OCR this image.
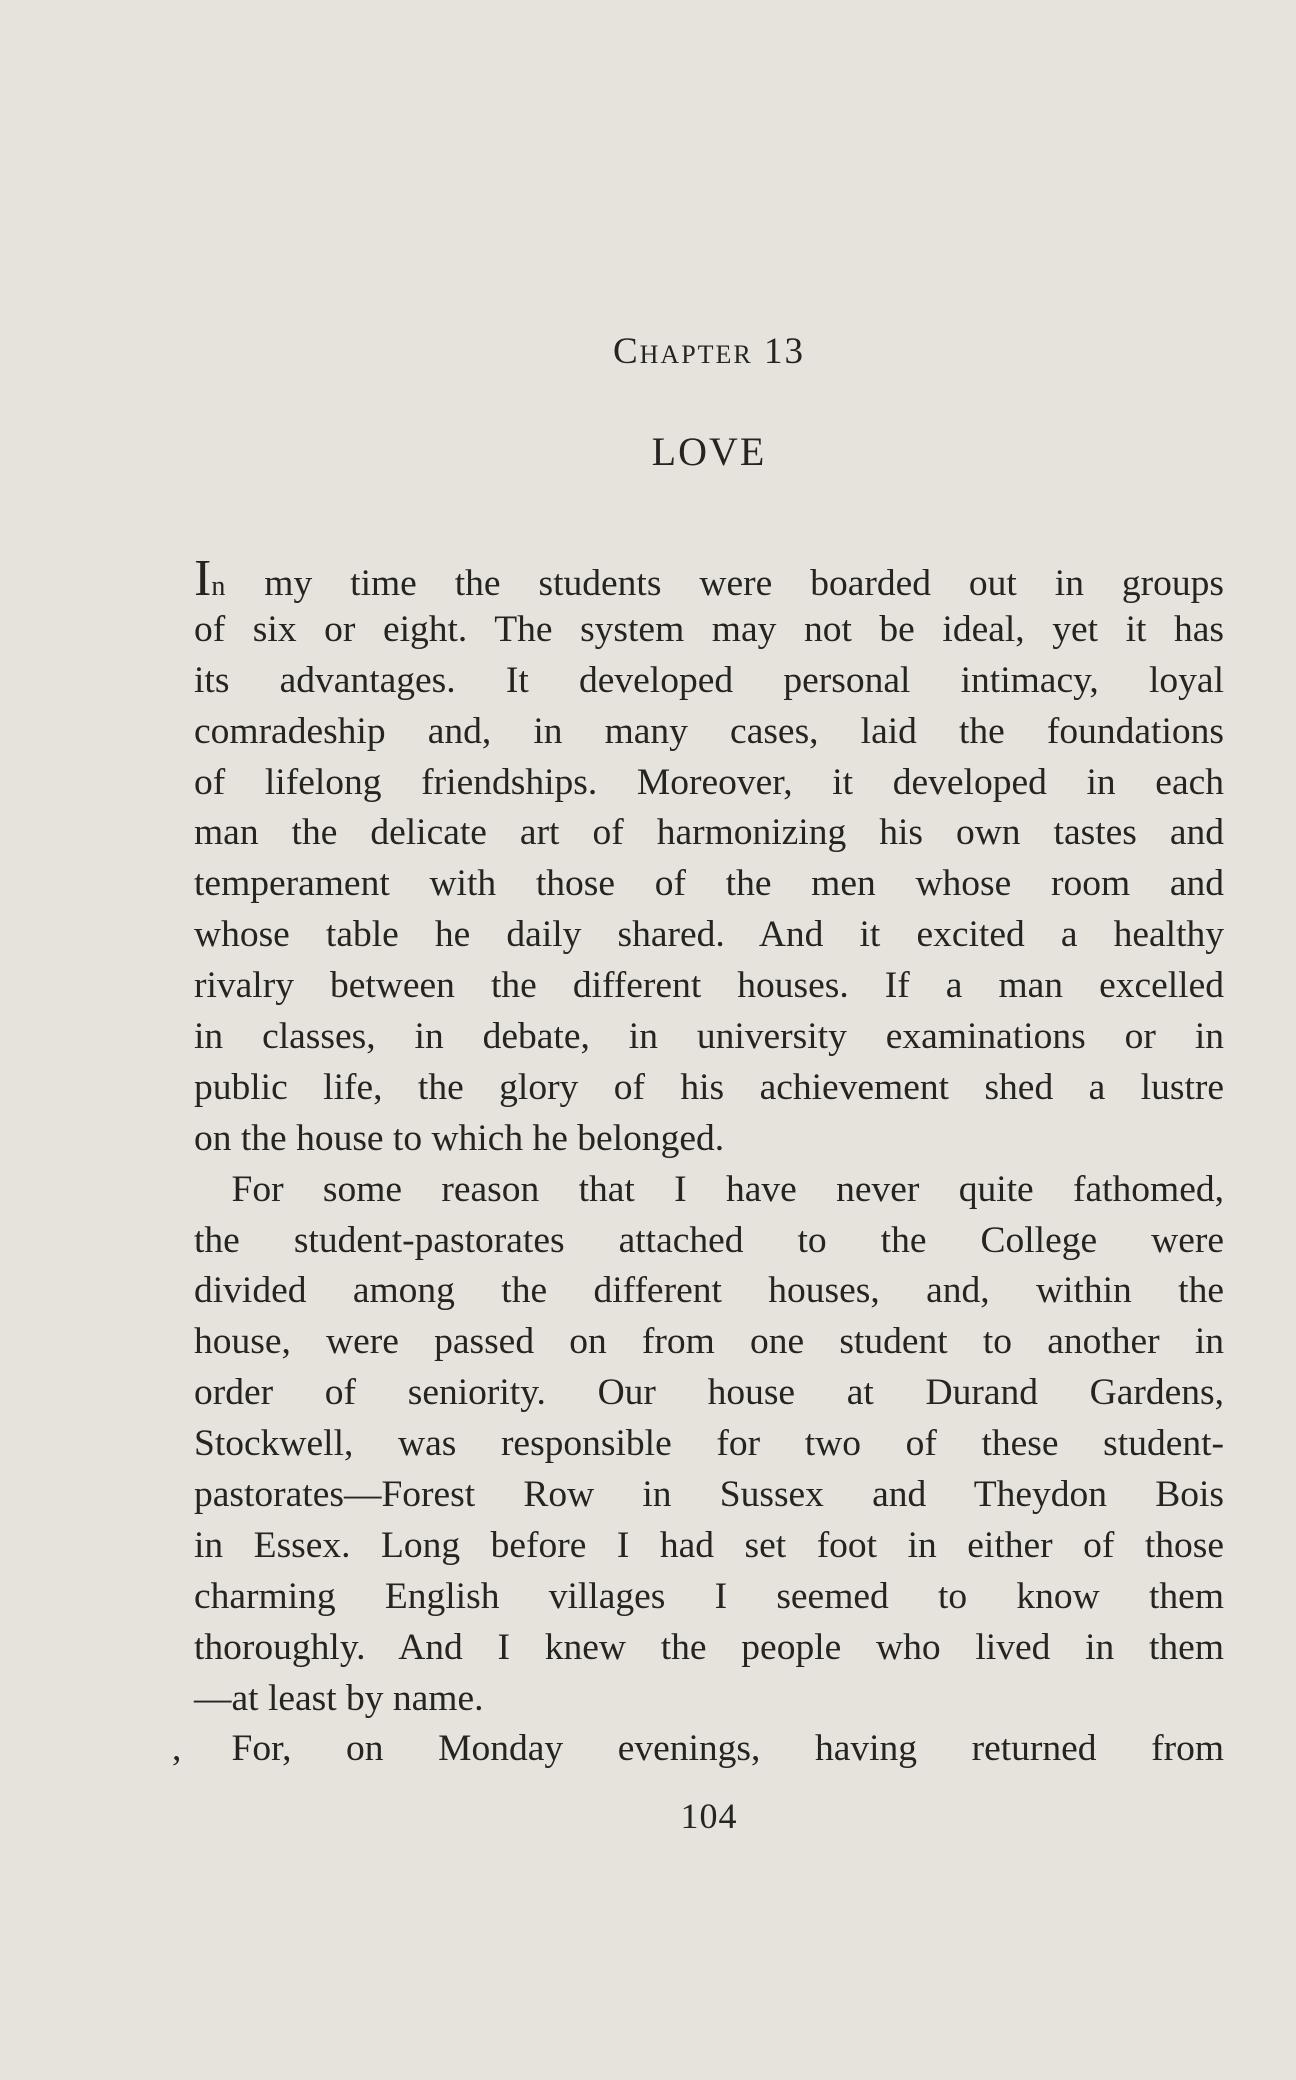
Chapter 13
LOVE
In my time the students were boarded out in groups
of six or eight. The system may not be ideal, yet it has
its advantages. It developed personal intimacy, loyal
comradeship and, in many cases, laid the foundations
of lifelong friendships. Moreover, it developed in each
man the delicate art of harmonizing his own tastes and
temperament with those of the men whose room and
whose table he daily shared. And it excited a healthy
rivalry between the different houses. If a man excelled
in classes, in debate, in university examinations or in
public life, the glory of his achievement shed a lustre
on the house to which he belonged.
 For some reason that I have never quite fathomed,
the student-pastorates attached to the College were
divided among the different houses, and, within the
house, were passed on from one student to another in
order of seniority. Our house at Durand Gardens,
Stockwell, was responsible for two of these student-
pastorates—Forest Row in Sussex and Theydon Bois
in Essex. Long before I had set foot in either of those
charming English villages I seemed to know them
thoroughly. And I knew the people who lived in them
—at least by name.
, For, on Monday evenings, having returned from
104
